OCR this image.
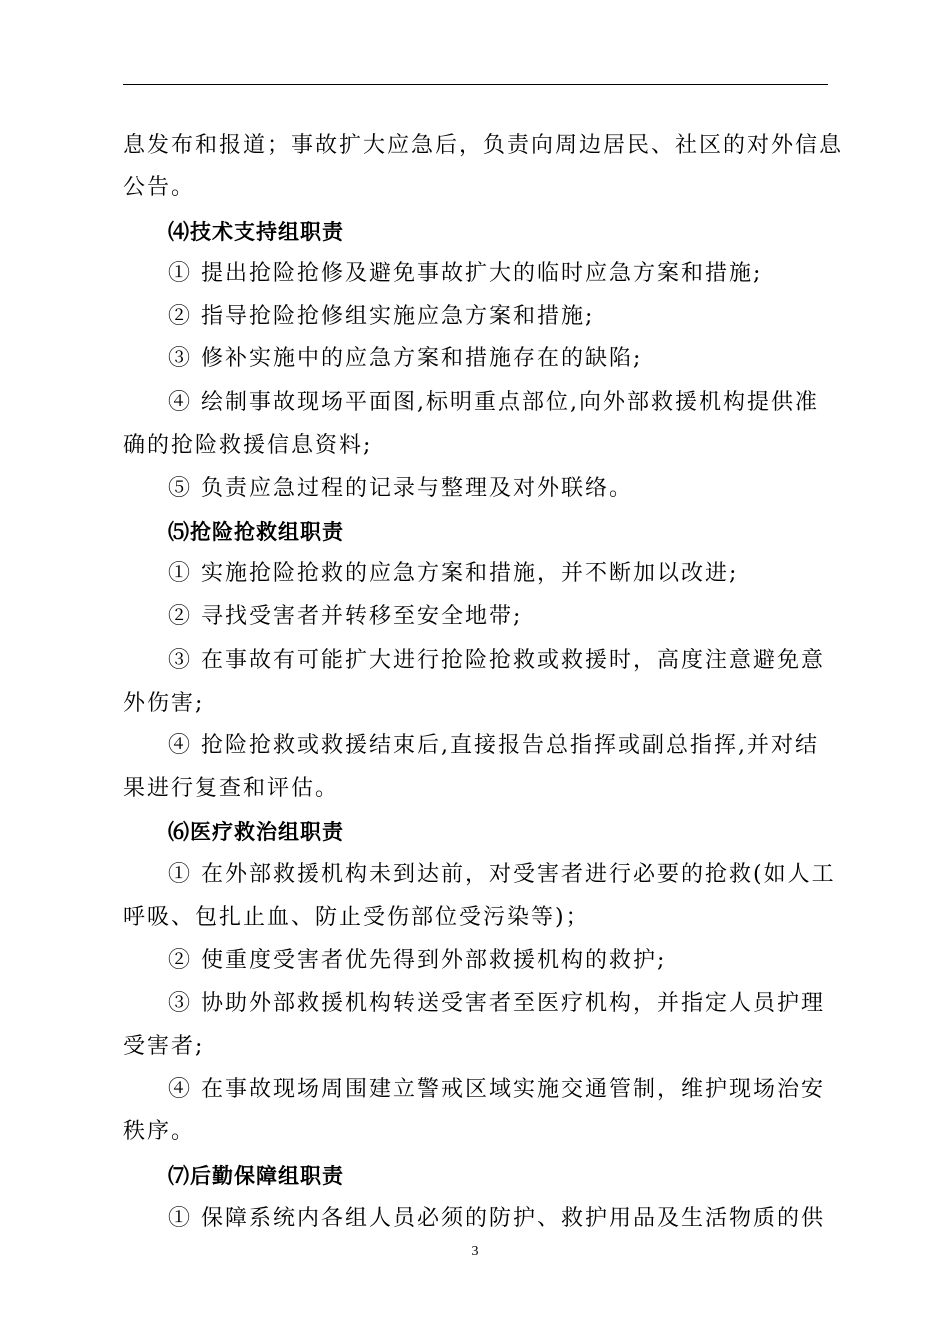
息发布和报道；事故扩大应急后，负责向周边居民、社区的对外信息
公告。
⑷技术支持组职责
① 提出抢险抢修及避免事故扩大的临时应急方案和措施;
② 指导抢险抢修组实施应急方案和措施;
③ 修补实施中的应急方案和措施存在的缺陷;
④ 绘制事故现场平面图,标明重点部位,向外部救援机构提供准
确的抢险救援信息资料;
⑤ 负责应急过程的记录与整理及对外联络。
⑸抢险抢救组职责
① 实施抢险抢救的应急方案和措施，并不断加以改进;
② 寻找受害者并转移至安全地带;
③ 在事故有可能扩大进行抢险抢救或救援时，高度注意避免意
外伤害;
④ 抢险抢救或救援结束后,直接报告总指挥或副总指挥,并对结
果进行复查和评估。
⑹医疗救治组职责
① 在外部救援机构未到达前，对受害者进行必要的抢救(如人工
呼吸、包扎止血、防止受伤部位受污染等)；
② 使重度受害者优先得到外部救援机构的救护;
③ 协助外部救援机构转送受害者至医疗机构，并指定人员护理
受害者;
④ 在事故现场周围建立警戒区域实施交通管制，维护现场治安
秩序。
⑺后勤保障组职责
① 保障系统内各组人员必须的防护、救护用品及生活物质的供
3
